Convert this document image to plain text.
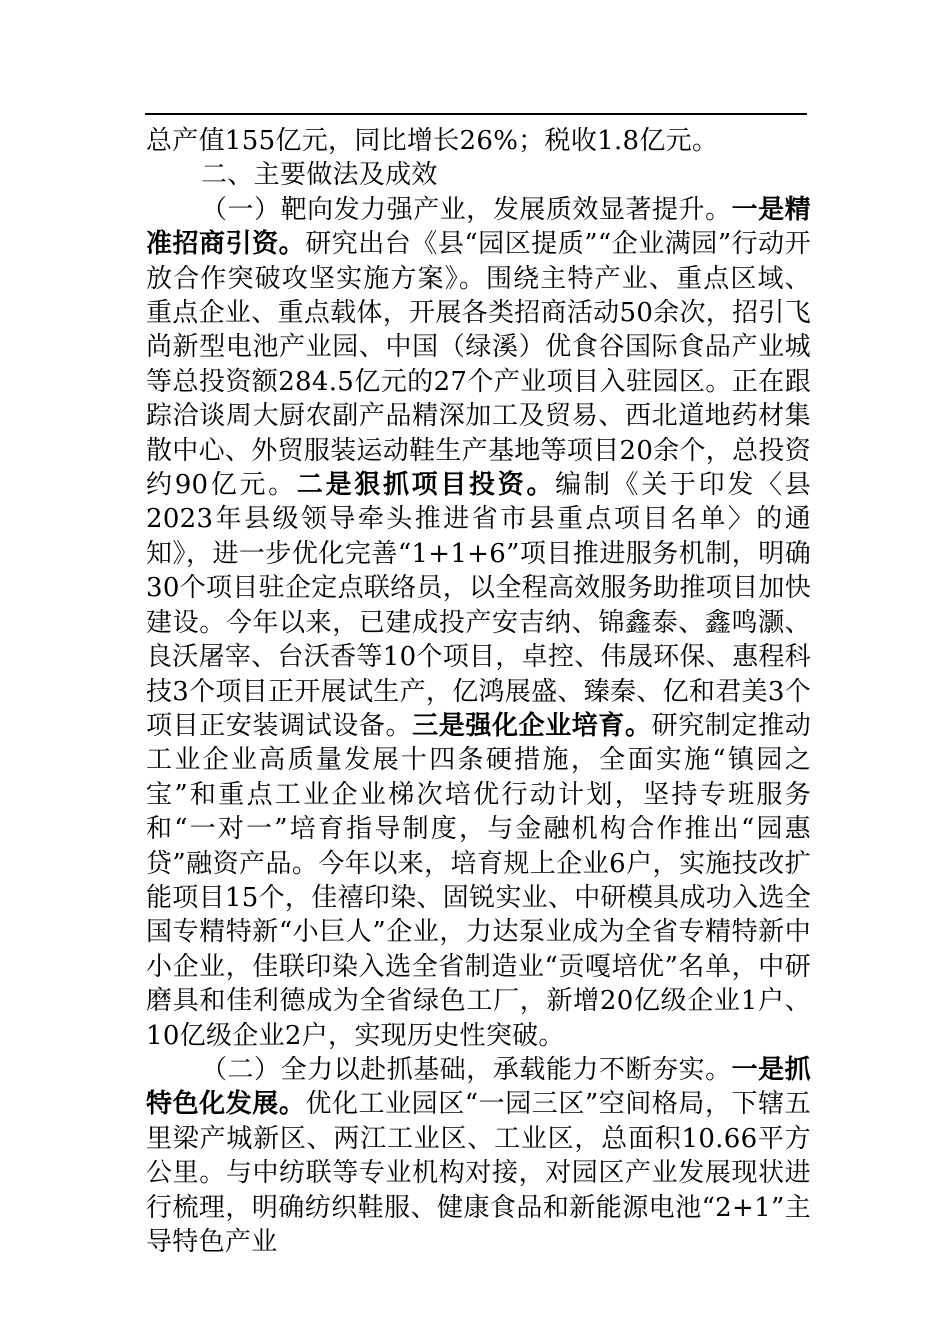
总产值155亿元，同比增长26%；税收1.8亿元。

二、主要做法及成效

（一）靶向发力强产业，发展质效显著提升。一是精准招商引资。研究出台《县“园区提质”“企业满园”行动开放合作突破攻坚实施方案》。围绕主特产业、重点区域、重点企业、重点载体，开展各类招商活动50余次，招引飞尚新型电池产业园、中国（绿溪）优食谷国际食品产业城等总投资额284.5亿元的27个产业项目入驻园区。正在跟踪洽谈周大厨农副产品精深加工及贸易、西北道地药材集散中心、外贸服装运动鞋生产基地等项目20余个，总投资约90亿元。二是狠抓项目投资。编制《关于印发〈县2023年县级领导牵头推进省市县重点项目名单〉的通知》，进一步优化完善“1+1+6”项目推进服务机制，明确30个项目驻企定点联络员，以全程高效服务助推项目加快建设。今年以来，已建成投产安吉纳、锦鑫泰、鑫鸣灏、良沃屠宰、台沃香等10个项目，卓控、伟晟环保、惠程科技3个项目正开展试生产，亿鸿展盛、臻秦、亿和君美3个项目正安装调试设备。三是强化企业培育。研究制定推动工业企业高质量发展十四条硬措施，全面实施“镇园之宝”和重点工业企业梯次培优行动计划，坚持专班服务和“一对一”培育指导制度，与金融机构合作推出“园惠贷”融资产品。今年以来，培育规上企业6户，实施技改扩能项目15个，佳禧印染、固锐实业、中研模具成功入选全国专精特新“小巨人”企业，力达泵业成为全省专精特新中小企业，佳联印染入选全省制造业“贡嘎培优”名单，中研磨具和佳利德成为全省绿色工厂，新增20亿级企业1户、10亿级企业2户，实现历史性突破。

（二）全力以赴抓基础，承载能力不断夯实。一是抓特色化发展。优化工业园区“一园三区”空间格局，下辖五里梁产城新区、两江工业区、工业区，总面积10.66平方公里。与中纺联等专业机构对接，对园区产业发展现状进行梳理，明确纺织鞋服、健康食品和新能源电池“2+1”主导特色产业
